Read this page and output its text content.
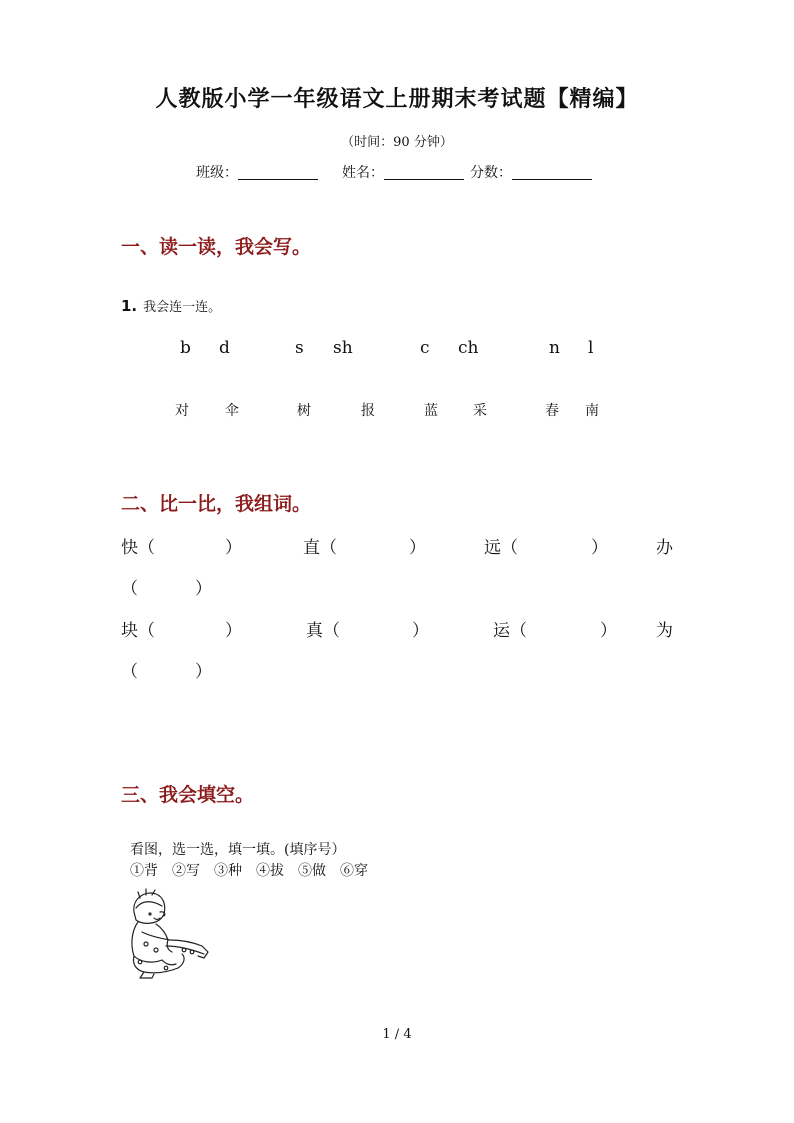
人教版小学一年级语文上册期末考试题【精编】
（时间：90 分钟）
班级：	姓名：	分数：
一、读一读，我会写。
1. 我会连一连。
b d	s sh	c ch	n l
对	伞	树	报	蓝	采	春 南
二、比一比，我组词。
快（	）	直（	）	远（	）	办
（	）
块（	）	真（	）	运（	） 为
（	）
三、我会填空。
看图，选一选，填一填。(填序号）
①背　②写　③种　④拔　⑤做　⑥穿
1 / 4
